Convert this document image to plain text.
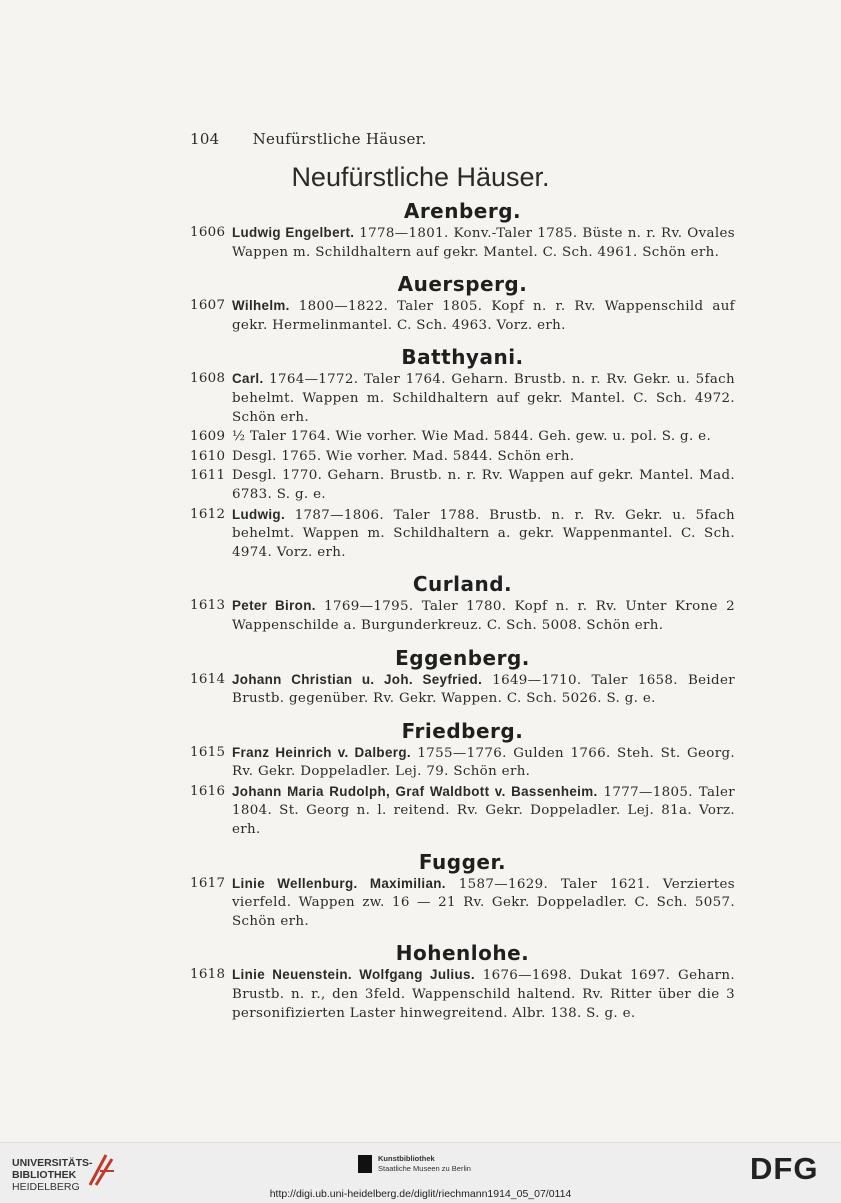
104 Neufürstliche Häuser.
Neufürstliche Häuser.
Arenberg.
1606 Ludwig Engelbert. 1778—1801. Konv.-Taler 1785. Büste n. r. Rv. Ovales Wappen m. Schildhaltern auf gekr. Mantel. C. Sch. 4961. Schön erh.
Auersperg.
1607 Wilhelm. 1800—1822. Taler 1805. Kopf n. r. Rv. Wappenschild auf gekr. Hermelinmantel. C. Sch. 4963. Vorz. erh.
Batthyani.
1608 Carl. 1764—1772. Taler 1764. Geharn. Brustb. n. r. Rv. Gekr. u. 5fach behelmt. Wappen m. Schildhaltern auf gekr. Mantel. C. Sch. 4972. Schön erh.
1609 ½ Taler 1764. Wie vorher. Wie Mad. 5844. Geh. gew. u. pol. S. g. e.
1610 Desgl. 1765. Wie vorher. Mad. 5844. Schön erh.
1611 Desgl. 1770. Geharn. Brustb. n. r. Rv. Wappen auf gekr. Mantel. Mad. 6783. S. g. e.
1612 Ludwig. 1787—1806. Taler 1788. Brustb. n. r. Rv. Gekr. u. 5fach behelmt. Wappen m. Schildhaltern a. gekr. Wappenmantel. C. Sch. 4974. Vorz. erh.
Curland.
1613 Peter Biron. 1769—1795. Taler 1780. Kopf n. r. Rv. Unter Krone 2 Wappenschilde a. Burgunderkreuz. C. Sch. 5008. Schön erh.
Eggenberg.
1614 Johann Christian u. Joh. Seyfried. 1649—1710. Taler 1658. Beider Brustb. gegenüber. Rv. Gekr. Wappen. C. Sch. 5026. S. g. e.
Friedberg.
1615 Franz Heinrich v. Dalberg. 1755—1776. Gulden 1766. Steh. St. Georg. Rv. Gekr. Doppeladler. Lej. 79. Schön erh.
1616 Johann Maria Rudolph, Graf Waldbott v. Bassenheim. 1777—1805. Taler 1804. St. Georg n. l. reitend. Rv. Gekr. Doppeladler. Lej. 81a. Vorz. erh.
Fugger.
1617 Linie Wellenburg. Maximilian. 1587—1629. Taler 1621. Verziertes vierfeld. Wappen zw. 16 — 21 Rv. Gekr. Doppeladler. C. Sch. 5057. Schön erh.
Hohenlohe.
1618 Linie Neuenstein. Wolfgang Julius. 1676—1698. Dukat 1697. Geharn. Brustb. n. r., den 3feld. Wappenschild haltend. Rv. Ritter über die 3 personifizierten Laster hinwegreitend. Albr. 138. S. g. e.
UNIVERSITÄTS-
BIBLIOTHEK
HEIDELBERG
Kunstbibliothek
Staatliche Museen zu Berlin	DFG
http://digi.ub.uni-heidelberg.de/diglit/riechmann1914_05_07/0114
